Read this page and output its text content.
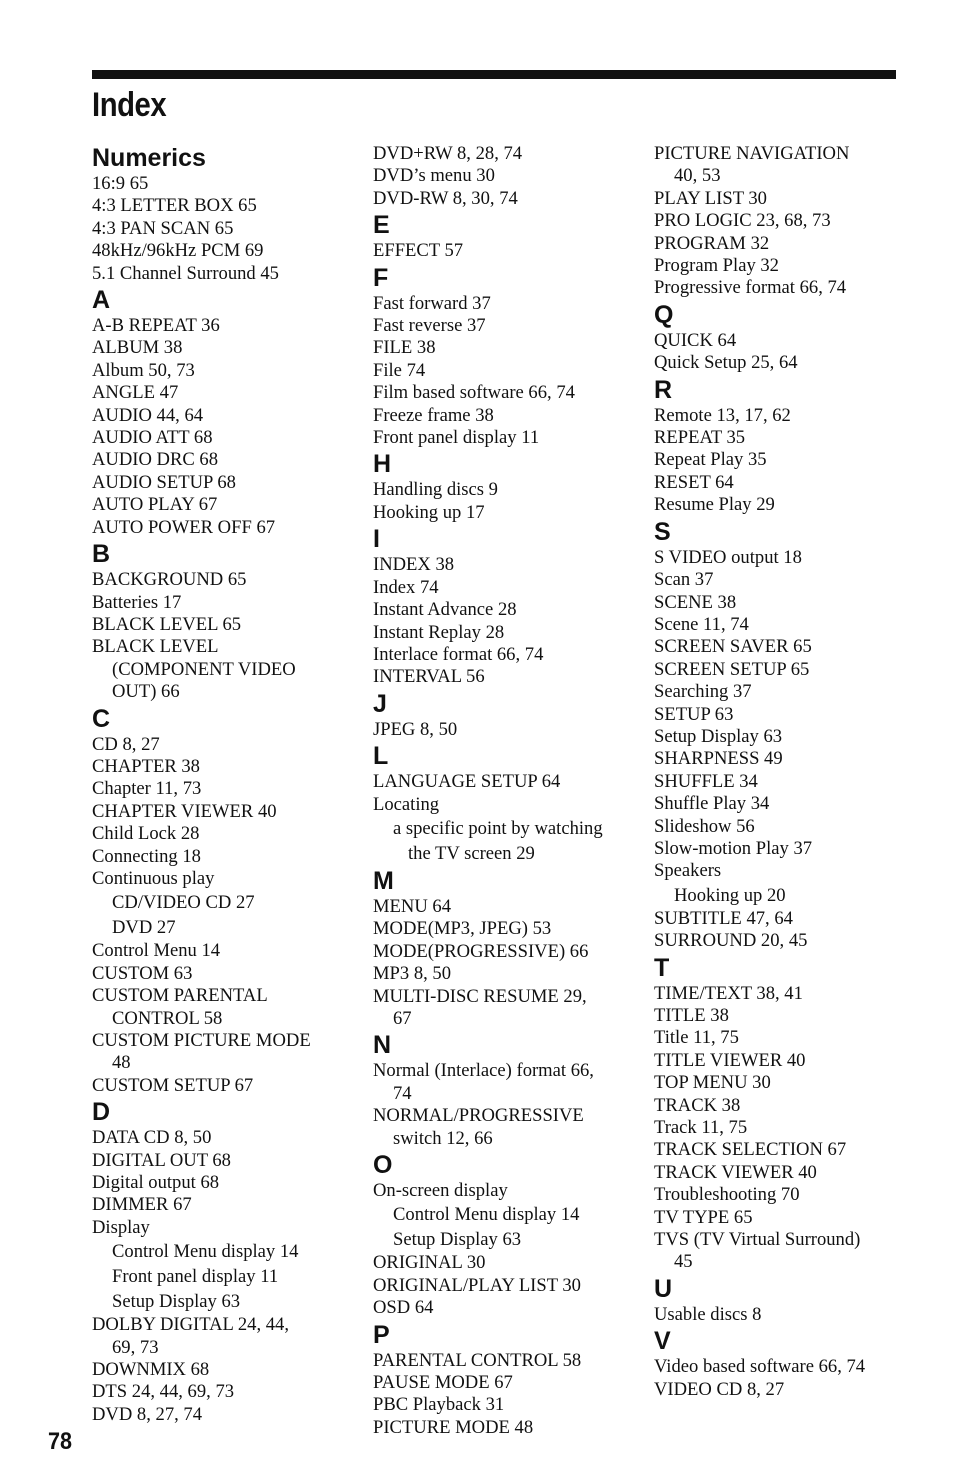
Index
Numerics
16:9 65
4:3 LETTER BOX 65
4:3 PAN SCAN 65
48kHz/96kHz PCM 69
5.1 Channel Surround 45
A
A-B REPEAT 36
ALBUM 38
Album 50, 73
ANGLE 47
AUDIO 44, 64
AUDIO ATT 68
AUDIO DRC 68
AUDIO SETUP 68
AUTO PLAY 67
AUTO POWER OFF 67
B
BACKGROUND 65
Batteries 17
BLACK LEVEL 65
BLACK LEVEL
(COMPONENT VIDEO
OUT) 66
C
CD 8, 27
CHAPTER 38
Chapter 11, 73
CHAPTER VIEWER 40
Child Lock 28
Connecting 18
Continuous play
CD/VIDEO CD 27
DVD 27
Control Menu 14
CUSTOM 63
CUSTOM PARENTAL
CONTROL 58
CUSTOM PICTURE MODE
48
CUSTOM SETUP 67
D
DATA CD 8, 50
DIGITAL OUT 68
Digital output 68
DIMMER 67
Display
Control Menu display 14
Front panel display 11
Setup Display 63
DOLBY DIGITAL 24, 44,
69, 73
DOWNMIX 68
DTS 24, 44, 69, 73
DVD 8, 27, 74
DVD+RW 8, 28, 74
DVD’s menu 30
DVD-RW 8, 30, 74
E
EFFECT 57
F
Fast forward 37
Fast reverse 37
FILE 38
File 74
Film based software 66, 74
Freeze frame 38
Front panel display 11
H
Handling discs 9
Hooking up 17
I
INDEX 38
Index 74
Instant Advance 28
Instant Replay 28
Interlace format 66, 74
INTERVAL 56
J
JPEG 8, 50
L
LANGUAGE SETUP 64
Locating
a specific point by watching
the TV screen 29
M
MENU 64
MODE(MP3, JPEG) 53
MODE(PROGRESSIVE) 66
MP3 8, 50
MULTI-DISC RESUME 29,
67
N
Normal (Interlace) format 66,
74
NORMAL/PROGRESSIVE
switch 12, 66
O
On-screen display
Control Menu display 14
Setup Display 63
ORIGINAL 30
ORIGINAL/PLAY LIST 30
OSD 64
P
PARENTAL CONTROL 58
PAUSE MODE 67
PBC Playback 31
PICTURE MODE 48
PICTURE NAVIGATION
40, 53
PLAY LIST 30
PRO LOGIC 23, 68, 73
PROGRAM 32
Program Play 32
Progressive format 66, 74
Q
QUICK 64
Quick Setup 25, 64
R
Remote 13, 17, 62
REPEAT 35
Repeat Play 35
RESET 64
Resume Play 29
S
S VIDEO output 18
Scan 37
SCENE 38
Scene 11, 74
SCREEN SAVER 65
SCREEN SETUP 65
Searching 37
SETUP 63
Setup Display 63
SHARPNESS 49
SHUFFLE 34
Shuffle Play 34
Slideshow 56
Slow-motion Play 37
Speakers
Hooking up 20
SUBTITLE 47, 64
SURROUND 20, 45
T
TIME/TEXT 38, 41
TITLE 38
Title 11, 75
TITLE VIEWER 40
TOP MENU 30
TRACK 38
Track 11, 75
TRACK SELECTION 67
TRACK VIEWER 40
Troubleshooting 70
TV TYPE 65
TVS (TV Virtual Surround)
45
U
Usable discs 8
V
Video based software 66, 74
VIDEO CD 8, 27
78
